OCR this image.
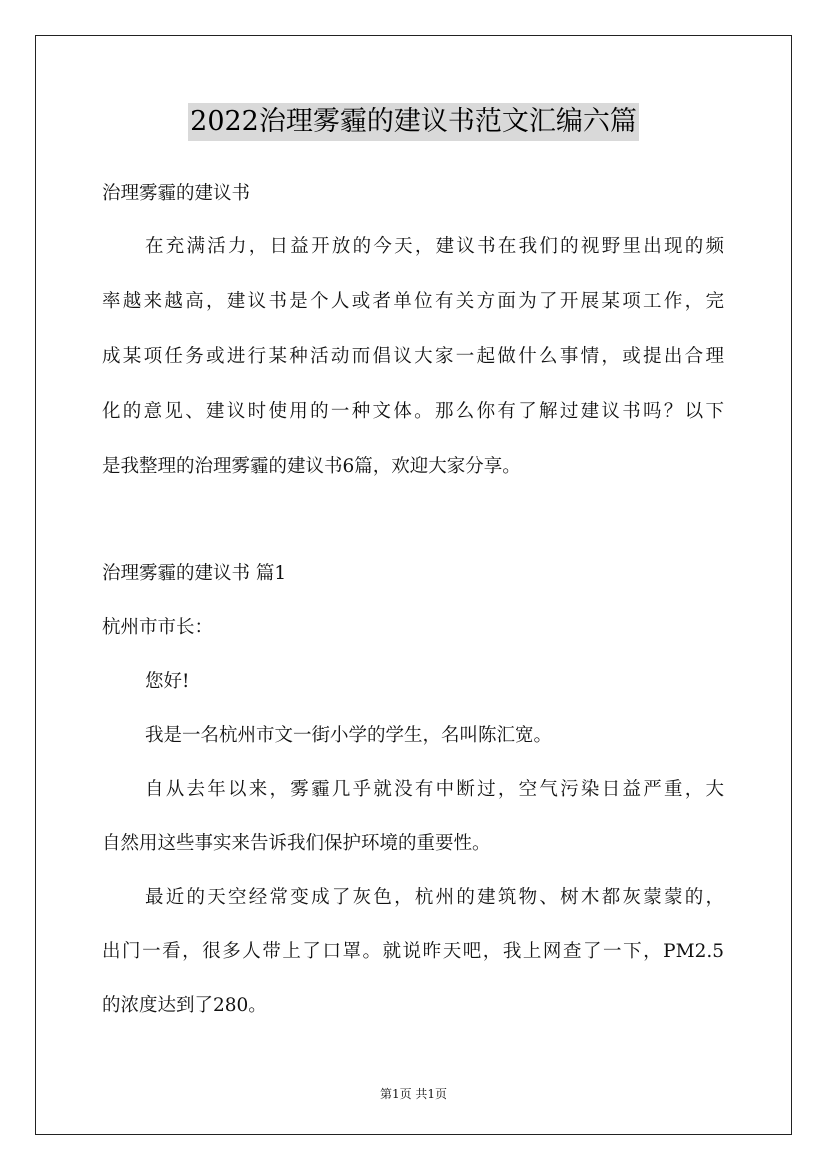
2022治理雾霾的建议书范文汇编六篇
治理雾霾的建议书
在充满活力，日益开放的今天，建议书在我们的视野里出现的频
率越来越高，建议书是个人或者单位有关方面为了开展某项工作，完
成某项任务或进行某种活动而倡议大家一起做什么事情，或提出合理
化的意见、建议时使用的一种文体。那么你有了解过建议书吗？以下
是我整理的治理雾霾的建议书6篇，欢迎大家分享。
治理雾霾的建议书 篇1
杭州市市长：
您好!
我是一名杭州市文一街小学的学生，名叫陈汇宽。
自从去年以来，雾霾几乎就没有中断过，空气污染日益严重，大
自然用这些事实来告诉我们保护环境的重要性。
最近的天空经常变成了灰色，杭州的建筑物、树木都灰蒙蒙的，
出门一看，很多人带上了口罩。就说昨天吧，我上网查了一下，PM2.5
的浓度达到了280。
第1页 共1页
